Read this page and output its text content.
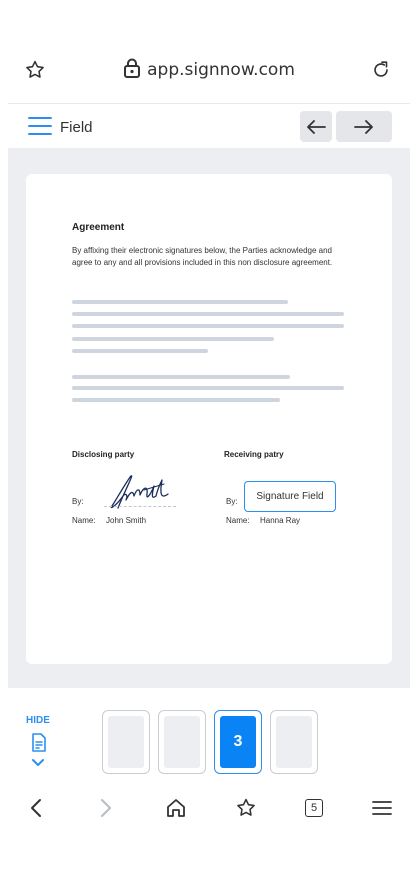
app.signnow.com
Field
Agreement
By affixing their electronic signatures below, the Parties acknowledge and agree to any and all provisions included in this non disclosure agreement.
Disclosing party
By:
Name: John Smith
Receiving patry
By:	Signature Field
Name: Hanna Ray
HIDE
3
5
